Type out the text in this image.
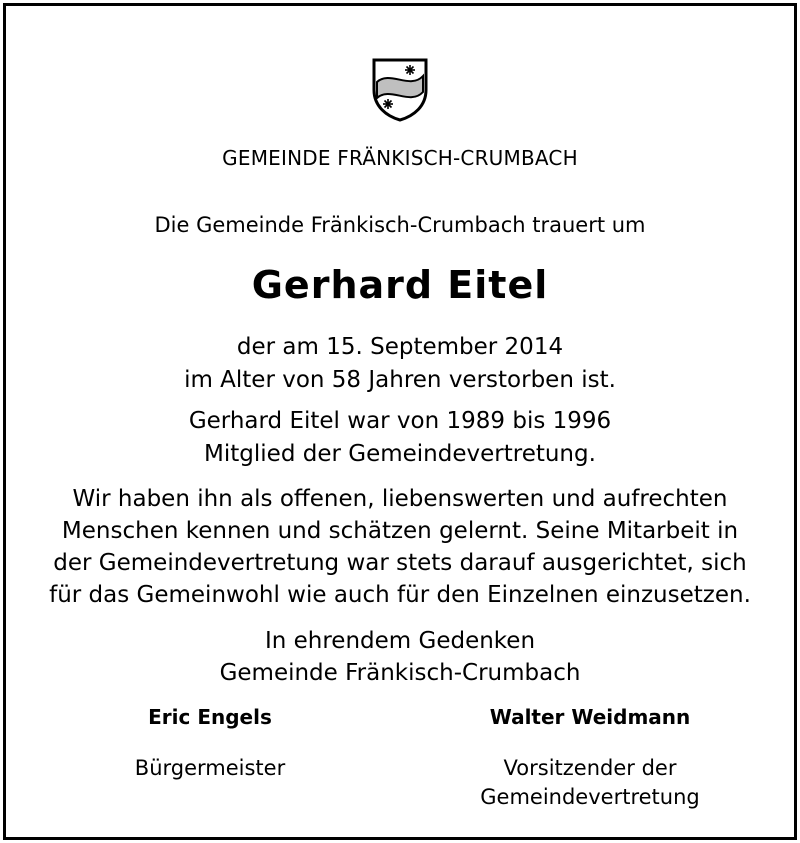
GEMEINDE FRÄNKISCH-CRUMBACH
Die Gemeinde Fränkisch-Crumbach trauert um
Gerhard Eitel
der am 15. September 2014
im Alter von 58 Jahren verstorben ist.
Gerhard Eitel war von 1989 bis 1996
Mitglied der Gemeindevertretung.
Wir haben ihn als offenen, liebenswerten und aufrechten
Menschen kennen und schätzen gelernt. Seine Mitarbeit in
der Gemeindevertretung war stets darauf ausgerichtet, sich
für das Gemeinwohl wie auch für den Einzelnen einzusetzen.
In ehrendem Gedenken
Gemeinde Fränkisch-Crumbach
Eric Engels
Bürgermeister
Walter Weidmann
Vorsitzender der
Gemeindevertretung
